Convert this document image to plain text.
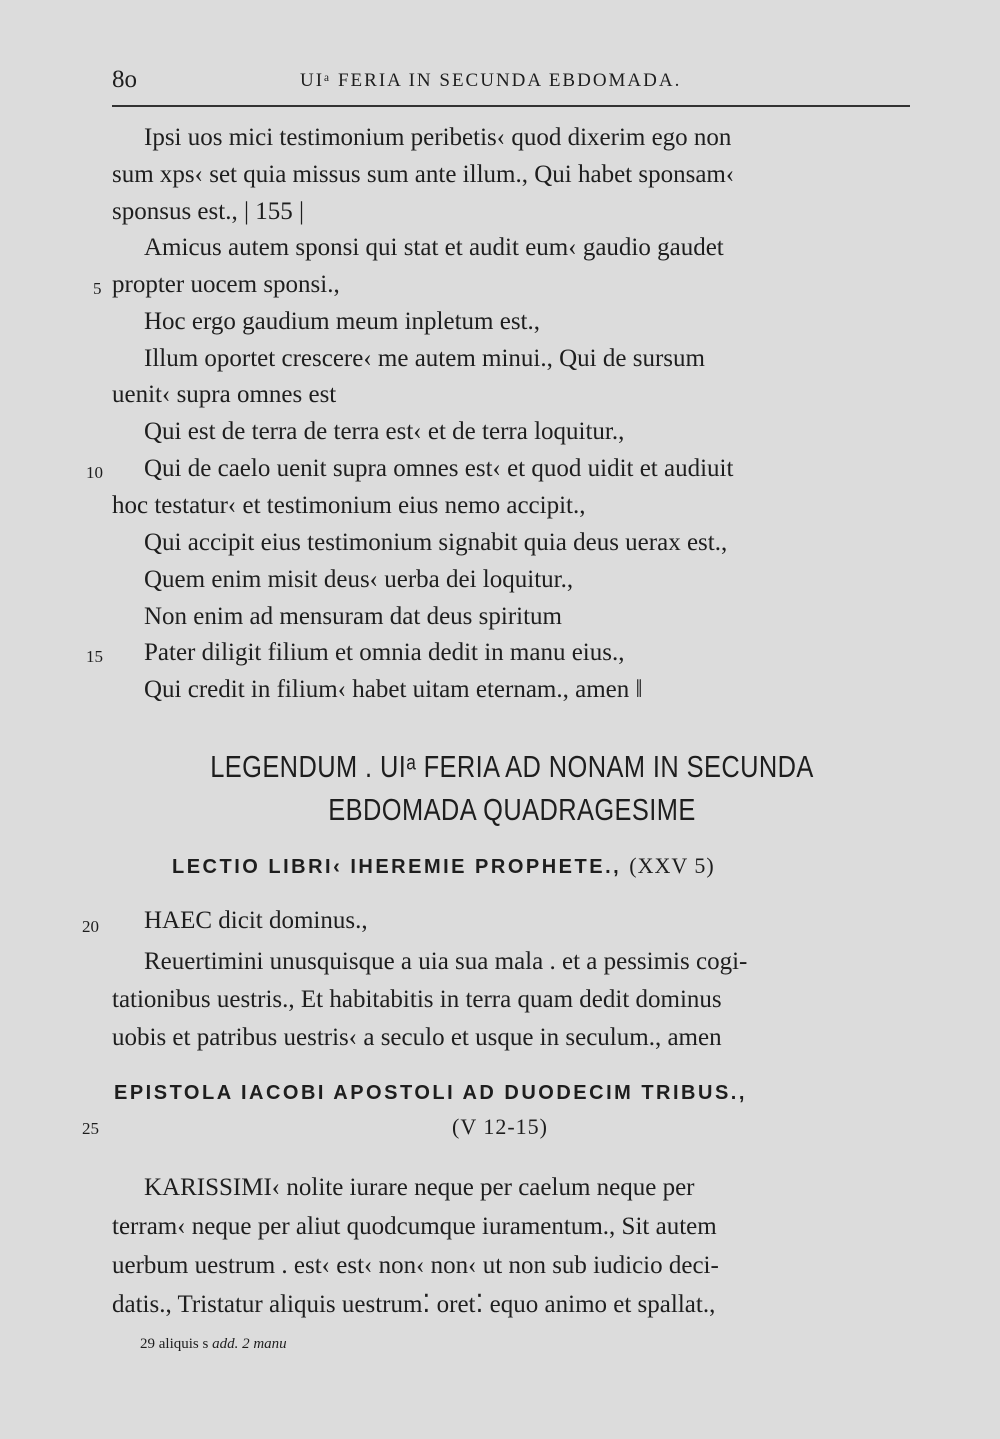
8o	UIᵃ FERIA IN SECUNDA EBDOMADA.
Ipsi uos mici testimonium peribetis‹ quod dixerim ego non
sum xps‹ set quia missus sum ante illum., Qui habet sponsam‹
sponsus est., | 155 |
Amicus autem sponsi qui stat et audit eum‹ gaudio gaudet
propter uocem sponsi.,
Hoc ergo gaudium meum inpletum est.,
Illum oportet crescere‹ me autem minui., Qui de sursum
uenit‹ supra omnes est
Qui est de terra de terra est‹ et de terra loquitur.,
Qui de caelo uenit supra omnes est‹ et quod uidit et audiuit
hoc testatur‹ et testimonium eius nemo accipit.,
Qui accipit eius testimonium signabit quia deus uerax est.,
Quem enim misit deus‹ uerba dei loquitur.,
Non enim ad mensuram dat deus spiritum
Pater diligit filium et omnia dedit in manu eius.,
Qui credit in filium‹ habet uitam eternam., amen ‖
5
10
15
20
25
LEGENDUM . UIᵃ FERIA AD NONAM IN SECUNDA
EBDOMADA QUADRAGESIME
LECTIO LIBRI‹ IHEREMIE PROPHETE., (XXV 5)
HAEC dicit dominus.,
Reuertimini unusquisque a uia sua mala . et a pessimis cogi-
tationibus uestris., Et habitabitis in terra quam dedit dominus
uobis et patribus uestris‹ a seculo et usque in seculum., amen
EPISTOLA IACOBI APOSTOLI AD DUODECIM TRIBUS.,
(V 12-15)
KARISSIMI‹ nolite iurare neque per caelum neque per
terram‹ neque per aliut quodcumque iuramentum., Sit autem
uerbum uestrum . est‹ est‹ non‹ non‹ ut non sub iudicio deci-
datis., Tristatur aliquis uestrum⁚ oret⁚ equo animo et spallat.,
29 aliquis s add. 2 manu
